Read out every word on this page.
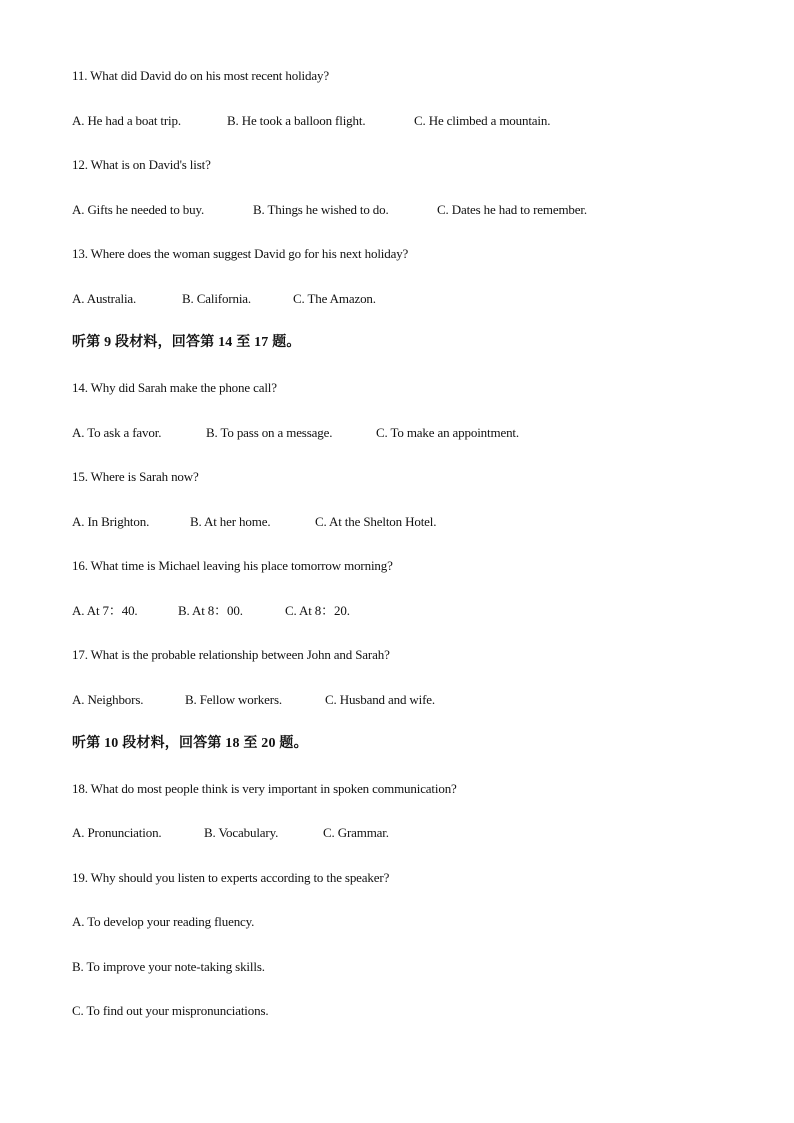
11. What did David do on his most recent holiday?
A. He had a boat trip.	B. He took a balloon flight.	C. He climbed a mountain.
12. What is on David's list?
A. Gifts he needed to buy.	B. Things he wished to do.	C. Dates he had to remember.
13. Where does the woman suggest David go for his next holiday?
A. Australia.	B. California.	C. The Amazon.
听第 9 段材料，回答第 14 至 17 题。
14. Why did Sarah make the phone call?
A. To ask a favor.	B. To pass on a message.	C. To make an appointment.
15. Where is Sarah now?
A. In Brighton.	B. At her home.	C. At the Shelton Hotel.
16. What time is Michael leaving his place tomorrow morning?
A. At 7：40.	B. At 8：00.	C. At 8：20.
17. What is the probable relationship between John and Sarah?
A. Neighbors.	B. Fellow workers.	C. Husband and wife.
听第 10 段材料，回答第 18 至 20 题。
18. What do most people think is very important in spoken communication?
A. Pronunciation.	B. Vocabulary.	C. Grammar.
19. Why should you listen to experts according to the speaker?
A. To develop your reading fluency.
B. To improve your note-taking skills.
C. To find out your mispronunciations.
